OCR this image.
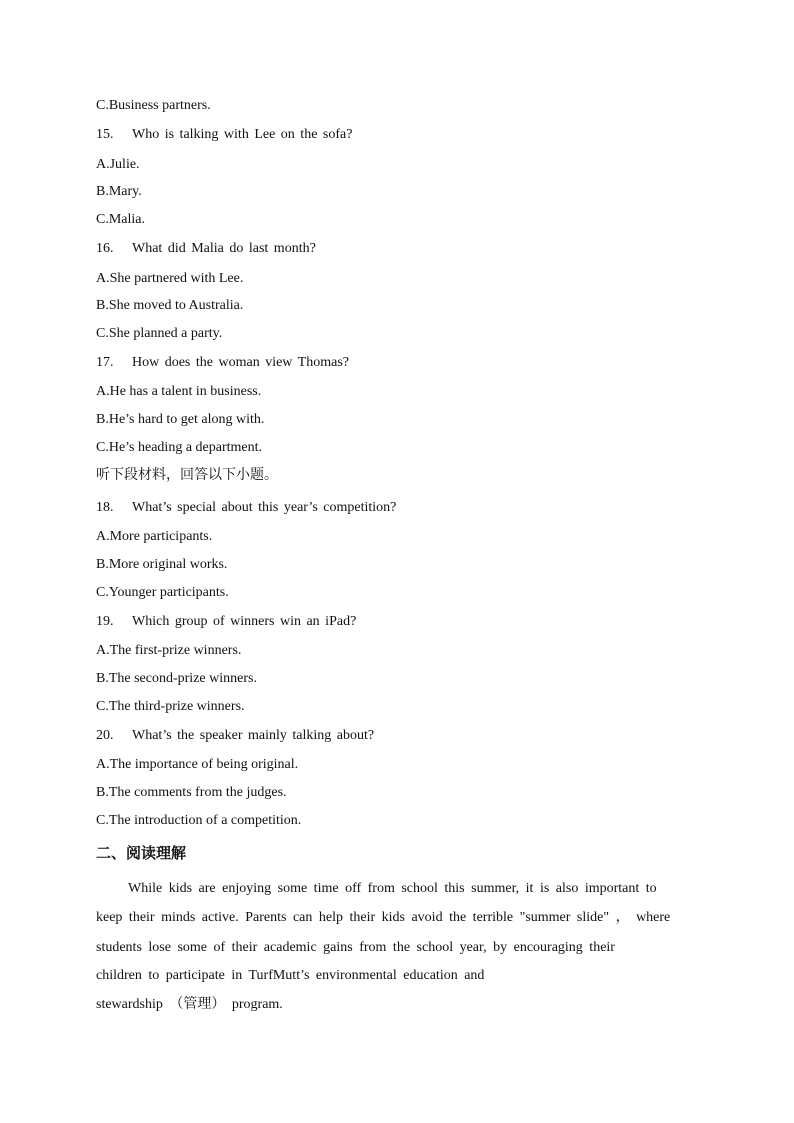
C.Business partners.
15. Who is talking with Lee on the sofa?
A.Julie.
B.Mary.
C.Malia.
16. What did Malia do last month?
A.She partnered with Lee.
B.She moved to Australia.
C.She planned a party.
17. How does the woman view Thomas?
A.He has a talent in business.
B.He’s hard to get along with.
C.He’s heading a department.
听下段材料，回答以下小题。
18. What’s special about this year’s competition?
A.More participants.
B.More original works.
C.Younger participants.
19. Which group of winners win an iPad?
A.The first-prize winners.
B.The second-prize winners.
C.The third-prize winners.
20. What’s the speaker mainly talking about?
A.The importance of being original.
B.The comments from the judges.
C.The introduction of a competition.
二、阅读理解
While kids are enjoying some time off from school this summer, it is also important to
keep their minds active. Parents can help their kids avoid the terrible "summer slide" ， where
students lose some of their academic gains from the school year, by encouraging their
children to participate in TurfMutt’s environmental education and
stewardship （管理） program.
